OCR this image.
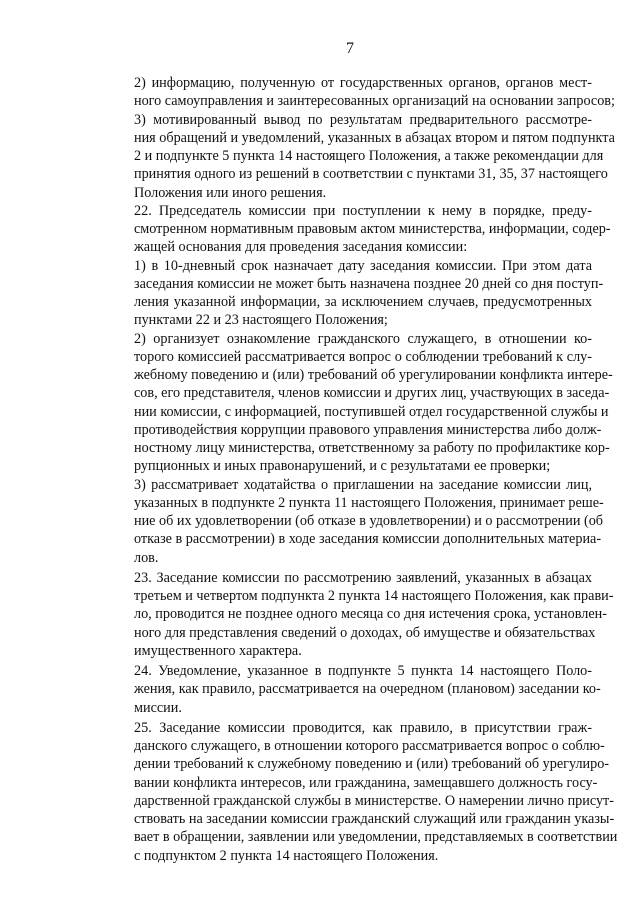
7

2) информацию, полученную от государственных органов, органов мест-
ного самоуправления и заинтересованных организаций на основании запросов;

3) мотивированный вывод по результатам предварительного рассмотре-
ния обращений и уведомлений, указанных в абзацах втором и пятом подпункта
2 и подпункте 5 пункта 14 настоящего Положения, а также рекомендации для
принятия одного из решений в соответствии с пунктами 31, 35, 37 настоящего
Положения или иного решения.

22. Председатель комиссии при поступлении к нему в порядке, преду-
смотренном нормативным правовым актом министерства, информации, содер-
жащей основания для проведения заседания комиссии:

1) в 10-дневный срок назначает дату заседания комиссии. При этом дата
заседания комиссии не может быть назначена позднее 20 дней со дня поступ-
ления указанной информации, за исключением случаев, предусмотренных
пунктами 22 и 23 настоящего Положения;

2) организует ознакомление гражданского служащего, в отношении ко-
торого комиссией рассматривается вопрос о соблюдении требований к слу-
жебному поведению и (или) требований об урегулировании конфликта интере-
сов, его представителя, членов комиссии и других лиц, участвующих в заседа-
нии комиссии, с информацией, поступившей отдел государственной службы и
противодействия коррупции правового управления министерства либо долж-
ностному лицу министерства, ответственному за работу по профилактике кор-
рупционных и иных правонарушений, и с результатами ее проверки;

3) рассматривает ходатайства о приглашении на заседание комиссии лиц,
указанных в подпункте 2 пункта 11 настоящего Положения, принимает реше-
ние об их удовлетворении (об отказе в удовлетворении) и о рассмотрении (об
отказе в рассмотрении) в ходе заседания комиссии дополнительных материа-
лов.

23. Заседание комиссии по рассмотрению заявлений, указанных в абзацах
третьем и четвертом подпункта 2 пункта 14 настоящего Положения, как прави-
ло, проводится не позднее одного месяца со дня истечения срока, установлен-
ного для представления сведений о доходах, об имуществе и обязательствах
имущественного характера.

24. Уведомление, указанное в подпункте 5 пункта 14 настоящего Поло-
жения, как правило, рассматривается на очередном (плановом) заседании ко-
миссии.

25. Заседание комиссии проводится, как правило, в присутствии граж-
данского служащего, в отношении которого рассматривается вопрос о соблю-
дении требований к служебному поведению и (или) требований об урегулиро-
вании конфликта интересов, или гражданина, замещавшего должность госу-
дарственной гражданской службы в министерстве. О намерении лично присут-
ствовать на заседании комиссии гражданский служащий или гражданин указы-
вает в обращении, заявлении или уведомлении, представляемых в соответствии
с подпунктом 2 пункта 14 настоящего Положения.
